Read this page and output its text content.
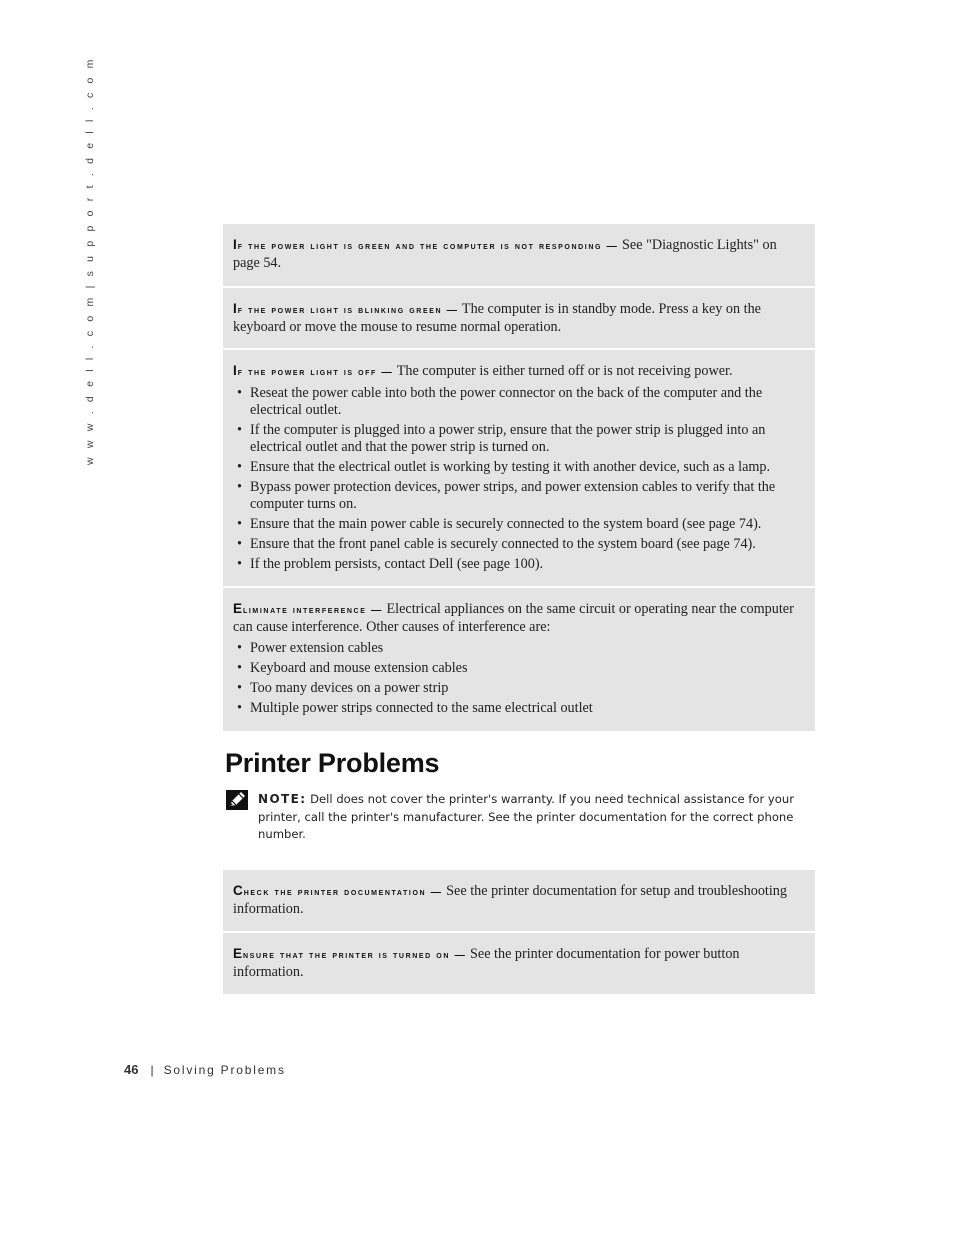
w w w . d e l l . c o m | s u p p o r t . d e l l . c o m	If the power light is green and the computer is not responding — See "Diagnostic Lights" on page 54.
If the power light is blinking green — The computer is in standby mode. Press a key on the keyboard or move the mouse to resume normal operation.
If the power light is off — The computer is either turned off or is not receiving power.
• Reseat the power cable into both the power connector on the back of the computer and the electrical outlet.
• If the computer is plugged into a power strip, ensure that the power strip is plugged into an electrical outlet and that the power strip is turned on.
• Ensure that the electrical outlet is working by testing it with another device, such as a lamp.
• Bypass power protection devices, power strips, and power extension cables to verify that the computer turns on.
• Ensure that the main power cable is securely connected to the system board (see page 74).
• Ensure that the front panel cable is securely connected to the system board (see page 74).
• If the problem persists, contact Dell (see page 100).
Eliminate interference — Electrical appliances on the same circuit or operating near the computer can cause interference. Other causes of interference are:
• Power extension cables
• Keyboard and mouse extension cables
• Too many devices on a power strip
• Multiple power strips connected to the same electrical outlet
Printer Problems
NOTE: Dell does not cover the printer's warranty. If you need technical assistance for your printer, call the printer's manufacturer. See the printer documentation for the correct phone number.
Check the printer documentation — See the printer documentation for setup and troubleshooting information.
Ensure that the printer is turned on — See the printer documentation for power button information.
46 | Solving Problems
